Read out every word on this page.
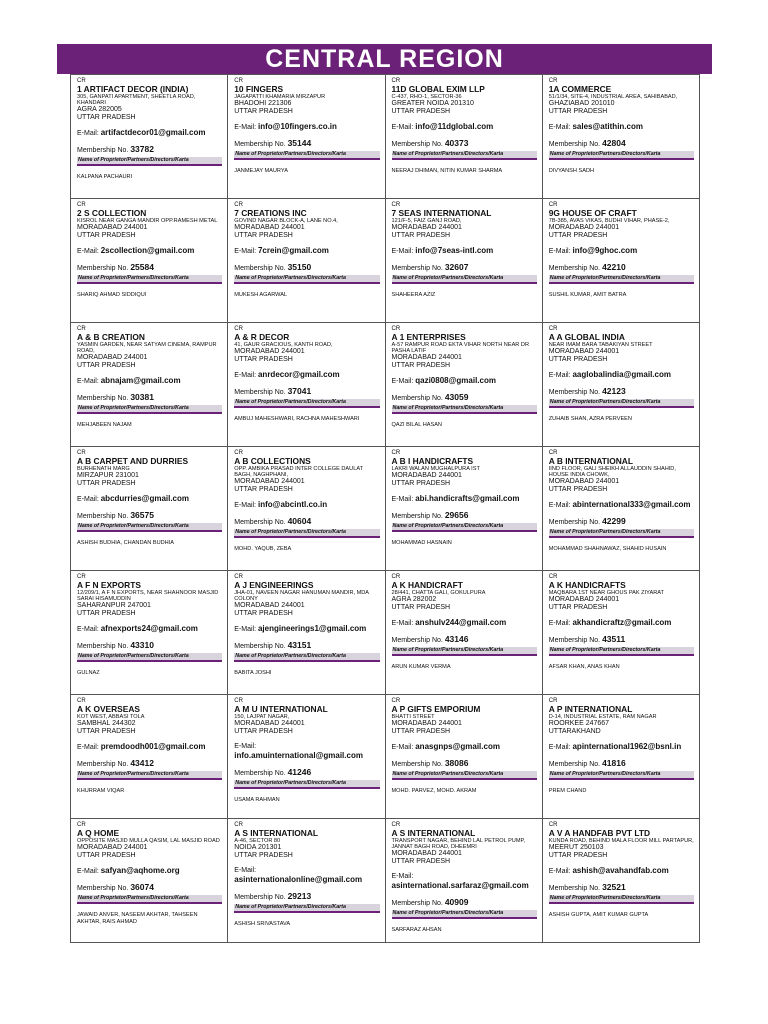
CENTRAL REGION
CR
1 ARTIFACT DECOR (INDIA)
305, GANPATI APARTMENT, SHEETLA ROAD, KHANDARI
AGRA 282005
UTTAR PRADESH
E-Mail: artifactdecor01@gmail.com
Membership No. 33782
Name of Proprietor/Partners/Directors/Karta
KALPANA PACHAURI
CR
10 FINGERS
JAGAPATTI KHAMARIA MIRZAPUR
BHADOHI 221306
UTTAR PRADESH
E-Mail: info@10fingers.co.in
Membership No. 35144
Name of Proprietor/Partners/Directors/Karta
JANMEJAY MAURYA
CR
11D GLOBAL EXIM LLP
C-437, RHO-1, SECTOR-36
GREATER NOIDA 201310
UTTAR PRADESH
E-Mail: info@11dglobal.com
Membership No. 40373
Name of Proprietor/Partners/Directors/Karta
NEERAJ DHIMAN, NITIN KUMAR SHARMA
CR
1A COMMERCE
51/1/34, SITE-4, INDUSTRIAL AREA, SAHIBABAD,
GHAZIABAD 201010
UTTAR PRADESH
E-Mail: sales@atithin.com
Membership No. 42804
Name of Proprietor/Partners/Directors/Karta
DIVYANSH SADH
CR
2 S COLLECTION
KISROL NEAR GANGA MANDIR OPP.RAMESH METAL
MORADABAD 244001
UTTAR PRADESH
E-Mail: 2scollection@gmail.com
Membership No. 25584
Name of Proprietor/Partners/Directors/Karta
SHARIQ AHMAD SIDDIQUI
CR
7 CREATIONS INC
GOVIND NAGAR BLOCK-A, LANE NO.4,
MORADABAD 244001
UTTAR PRADESH
E-Mail: 7crein@gmail.com
Membership No. 35150
Name of Proprietor/Partners/Directors/Karta
MUKESH AGARWAL
CR
7 SEAS INTERNATIONAL
121/F-5, FAIZ GANJ ROAD,
MORADABAD 244001
UTTAR PRADESH
E-Mail: info@7seas-intl.com
Membership No. 32607
Name of Proprietor/Partners/Directors/Karta
SHAHEERA AZIZ
CR
9G HOUSE OF CRAFT
7B-385, AVAS VIKAS, BUDHI VIHAR, PHASE-2,
MORADABAD 244001
UTTAR PRADESH
E-Mail: info@9ghoc.com
Membership No. 42210
Name of Proprietor/Partners/Directors/Karta
SUSHIL KUMAR, AMIT BATRA
CR
A & B CREATION
YASMIN GARDEN, NEAR SATYAM CINEMA, RAMPUR ROAD,
MORADABAD 244001
UTTAR PRADESH
E-Mail: abnajam@gmail.com
Membership No. 30381
Name of Proprietor/Partners/Directors/Karta
MEHJABEEN NAJAM
CR
A & R DECOR
41, GAUR GRACIOUS, KANTH ROAD,
MORADABAD 244001
UTTAR PRADESH
E-Mail: anrdecor@gmail.com
Membership No. 37041
Name of Proprietor/Partners/Directors/Karta
AMBUJ MAHESHWARI, RACHNA MAHESHWARI
CR
A 1 ENTERPRISES
A-57 RAMPUR ROAD EKTA VIHAR NORTH NEAR DR PASHA LATIF
MORADABAD 244001
UTTAR PRADESH
E-Mail: qazi0808@gmail.com
Membership No. 43059
Name of Proprietor/Partners/Directors/Karta
QAZI BILAL HASAN
CR
A A GLOBAL INDIA
NEAR IMAM BARA TABAKIYAN STREET
MORADABAD 244001
UTTAR PRADESH
E-Mail: aaglobalindia@gmail.com
Membership No. 42123
Name of Proprietor/Partners/Directors/Karta
ZUHAIB SHAN, AZRA PERVEEN
CR
A B CARPET AND DURRIES
BURHENATH MARG
MIRZAPUR 231001
UTTAR PRADESH
E-Mail: abcdurries@gmail.com
Membership No. 36575
Name of Proprietor/Partners/Directors/Karta
ASHISH BUDHIA, CHANDAN BUDHIA
CR
A B COLLECTIONS
OPP. AMBIKA PRASAD INTER COLLEGE DAULAT BAGH, NAGHPHANI,
MORADABAD 244001
UTTAR PRADESH
E-Mail: info@abcintl.co.in
Membership No. 40604
Name of Proprietor/Partners/Directors/Karta
MOHD. YAQUB, ZEBA
CR
A B I HANDICRAFTS
LAKRI WALAN MUGHALPURA IST
MORADABAD 244001
UTTAR PRADESH
E-Mail: abi.handicrafts@gmail.com
Membership No. 29656
Name of Proprietor/Partners/Directors/Karta
MOHAMMAD HASNAIN
CR
A B INTERNATIONAL
IIND FLOOR, GALI SHEIKH ALLAUDDIN SHAHID, HOUSE INDIA CHOWK,
MORADABAD 244001
UTTAR PRADESH
E-Mail: abinternational333@gmail.com
Membership No. 42299
Name of Proprietor/Partners/Directors/Karta
MOHAMMAD SHAHNAWAZ, SHAHID HUSAIN
CR
A F N EXPORTS
12/209/1, A F N EXPORTS, NEAR SHAHNOOR MASJID SARAI HISAMUDDIN
SAHARANPUR 247001
UTTAR PRADESH
E-Mail: afnexports24@gmail.com
Membership No. 43310
Name of Proprietor/Partners/Directors/Karta
GULNAZ
CR
A J ENGINEERINGS
JHA-01, NAVEEN NAGAR HANUMAN MANDIR, MDA COLONY
MORADABAD 244001
UTTAR PRADESH
E-Mail: ajengineerings1@gmail.com
Membership No. 43151
Name of Proprietor/Partners/Directors/Karta
BABITA JOSHI
CR
A K HANDICRAFT
28/441, CHATTA GALI, GOKULPURA
AGRA 282002
UTTAR PRADESH
E-Mail: anshulv244@gmail.com
Membership No. 43146
Name of Proprietor/Partners/Directors/Karta
ARUN KUMAR VERMA
CR
A K HANDICRAFTS
MAQBARA 1ST NEAR GHOUS PAK ZIYARAT
MORADABAD 244001
UTTAR PRADESH
E-Mail: akhandicraftz@gmail.com
Membership No. 43511
Name of Proprietor/Partners/Directors/Karta
AFSAR KHAN, ANAS KHAN
CR
A K OVERSEAS
KOT WEST, ABBASI TOLA
SAMBHAL 244302
UTTAR PRADESH
E-Mail: premdoodh001@gmail.com
Membership No. 43412
Name of Proprietor/Partners/Directors/Karta
KHURRAM VIQAR
CR
A M U INTERNATIONAL
150, LAJPAT NAGAR,
MORADABAD 244001
UTTAR PRADESH
E-Mail: info.amuinternational@gmail.com
Membership No. 41246
Name of Proprietor/Partners/Directors/Karta
USAMA RAHMAN
CR
A P GIFTS EMPORIUM
BHATTI STREET
MORADABAD 244001
UTTAR PRADESH
E-Mail: anasgnps@gmail.com
Membership No. 38086
Name of Proprietor/Partners/Directors/Karta
MOHD. PARVEZ, MOHD. AKRAM
CR
A P INTERNATIONAL
D-14, INDUSTRIAL ESTATE, RAM NAGAR
ROORKEE 247667
UTTARAKHAND
E-Mail: apinternational1962@bsnl.in
Membership No. 41816
Name of Proprietor/Partners/Directors/Karta
PREM CHAND
CR
A Q HOME
OPPOSITE MASJID MULLA QASIM, LAL MASJID ROAD
MORADABAD 244001
UTTAR PRADESH
E-Mail: safyan@aqhome.org
Membership No. 36074
Name of Proprietor/Partners/Directors/Karta
JAWAID ANVER, NASEEM AKHTAR, TAHSEEN AKHTAR, RAIS AHMAD
CR
A S INTERNATIONAL
A-46, SECTOR 80
NOIDA 201301
UTTAR PRADESH
E-Mail: asinternationalonline@gmail.com
Membership No. 29213
Name of Proprietor/Partners/Directors/Karta
ASHISH SRIVASTAVA
CR
A S INTERNATIONAL
TRANSPORT NAGAR, BEHIND LAL PETROL PUMP, JANNAT BAGH ROAD, DHEEMRI
MORADABAD 244001
UTTAR PRADESH
E-Mail: asinternational.sarfaraz@gmail.com
Membership No. 40909
Name of Proprietor/Partners/Directors/Karta
SARFARAZ AHSAN
CR
A V A HANDFAB PVT LTD
KUNDA ROAD, BEHIND MALA FLOOR MILL PARTAPUR,
MEERUT 250103
UTTAR PRADESH
E-Mail: ashish@avahandfab.com
Membership No. 32521
Name of Proprietor/Partners/Directors/Karta
ASHISH GUPTA, AMIT KUMAR GUPTA
